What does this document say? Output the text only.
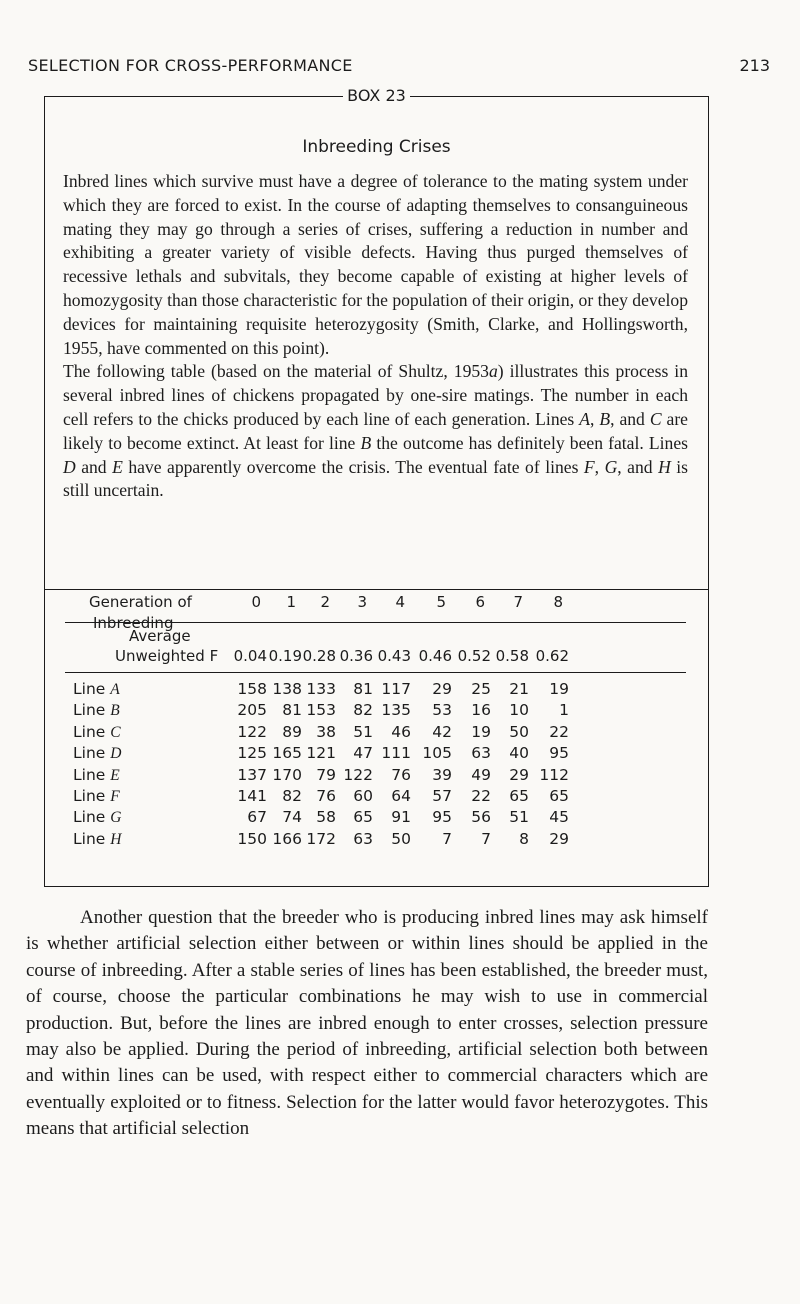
SELECTION FOR CROSS-PERFORMANCE	213
BOX 23
Inbreeding Crises

Inbred lines which survive must have a degree of tolerance to the mating system under which they are forced to exist. In the course of adapting themselves to consanguineous mating they may go through a series of crises, suffering a reduction in number and exhibiting a greater variety of visible defects. Having thus purged themselves of recessive lethals and subvitals, they become capable of existing at higher levels of homozygosity than those characteristic for the population of their origin, or they develop devices for maintaining requisite heterozygosity (Smith, Clarke, and Hollingsworth, 1955, have commented on this point).

The following table (based on the material of Shultz, 1953a) illustrates this process in several inbred lines of chickens propagated by one-sire matings. The number in each cell refers to the chicks produced by each line of each generation. Lines A, B, and C are likely to become extinct. At least for line B the outcome has definitely been fatal. Lines D and E have apparently overcome the crisis. The eventual fate of lines F, G, and H is still uncertain.

Generation of
Inbreeding
0	1	2	3	4	5	6	7	8
Average
Unweighted F	0.04 0.19 0.28 0.36 0.43 0.46 0.52 0.58 0.62
Line A	158 138 133	81 117	29	25	21	19
Line B	205 81 153	82 135	53	16	10	1
Line C	122 89 38	51	46	42	19	50	22
Line D	125 165 121	47 111 105	63	40	95
Line E	137 170 79 122	76	39	49	29 112
Line F	141 82 76	60	64	57	22	65	65
Line G	67 74 58	65	91	95	56	51	45
Line H	150 166 172	63	50	7	7	8	29

Another question that the breeder who is producing inbred lines may ask himself is whether artificial selection either between or within lines should be applied in the course of inbreeding. After a stable series of lines has been established, the breeder must, of course, choose the particular combinations he may wish to use in commercial production. But, before the lines are inbred enough to enter crosses, selection pressure may also be applied. During the period of inbreeding, artificial selection both between and within lines can be used, with respect either to commercial characters which are eventually exploited or to fitness. Selection for the latter would favor heterozygotes. This means that artificial selection
